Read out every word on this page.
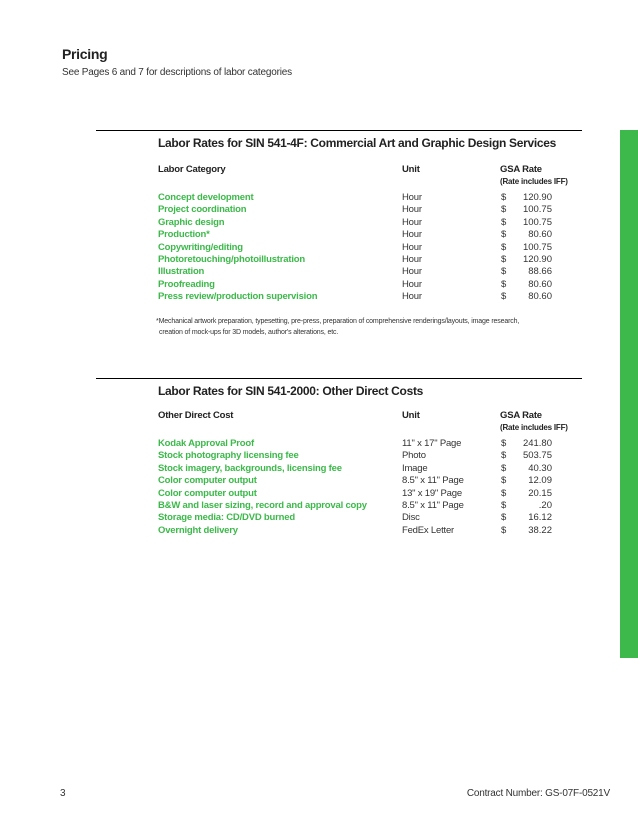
Pricing
See Pages 6 and 7 for descriptions of labor categories
Labor Rates for SIN 541-4F: Commercial Art and Graphic Design Services
Labor Category	Unit	GSA Rate
(Rate includes IFF)
Concept development	Hour	$	120.90
Project coordination	Hour	$	100.75
Graphic design	Hour	$	100.75
Production*	Hour	$	80.60
Copywriting/editing	Hour	$	100.75
Photoretouching/photoillustration	Hour	$	120.90
Illustration	Hour	$	88.66
Proofreading	Hour	$	80.60
Press review/production supervision	Hour	$	80.60
*Mechanical artwork preparation, typesetting, pre-press, preparation of comprehensive renderings/layouts, image research,
creation of mock-ups for 3D models, author's alterations, etc.
Labor Rates for SIN 541-2000: Other Direct Costs
Other Direct Cost	Unit	GSA Rate
(Rate includes IFF)
Kodak Approval Proof	11" x 17" Page	$	241.80
Stock photography licensing fee	Photo	$	503.75
Stock imagery, backgrounds, licensing fee	Image	$	40.30
Color computer output	8.5" x 11" Page	$	12.09
Color computer output	13" x 19" Page	$	20.15
B&W and laser sizing, record and approval copy	8.5" x 11" Page	$	.20
Storage media: CD/DVD burned	Disc	$	16.12
Overnight delivery	FedEx Letter	$	38.22
3	Contract Number: GS-07F-0521V
